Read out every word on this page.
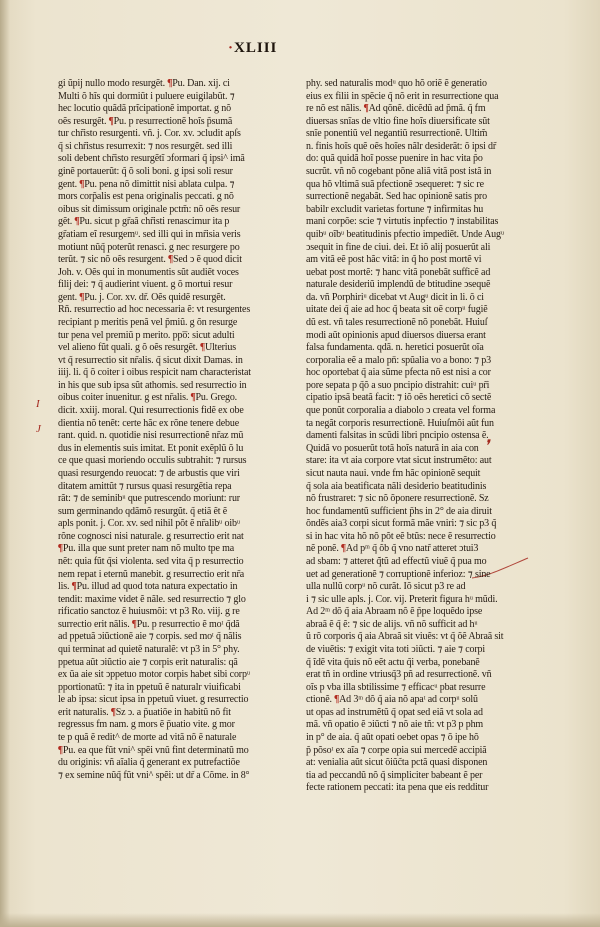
·XLIII
I
J
❜
gi ũpij nullo modo resurgẽt. ¶Pu. Dan. xij. ci
Multi õ hĩs qui dormiũt i puluere euigilabũt. ⁊
hec locutio quãdã prĩcipationẽ importat. g nõ
oẽs resurgẽt. ¶Pu. p resurrectionẽ hoĩs p̃sumã
tur chr̃isto resurgenti. vñ. j. Cor. xv. ↄcludit apſs
q̃ si chr̃istus resurrexit: ⁊ nos resurgẽt. sed illi
soli debent chr̃isto resurgẽtĩ ↄformari q̃ ipsi^ imã
ginẽ portauerũt: q̃ õ soli boni. g ipsi soli resur
gent. ¶Pu. pena nõ dimittit nisi ablata culpa. ⁊
mors corp̃alis est pena originalis peccati. g nõ
oibus sit dimissum originale pctm̃: nõ oẽs resur
gẽt. ¶Pu. sicut p gr̃aã chr̃isti renascimur ita p
gr̃atiam eĩ resurgemᵘ. sed illi qui in mr̃isia veris
motiunt nũq̃ poterũt renasci. g nec resurgere po
terũt. ⁊ sic nõ oẽs resurgent. ¶Sed ↄ ẽ quod dicit
Joh. v. Oẽs qui in monumentis sũt audiẽt voces
filij dei: ⁊ q̃ audierint viuent. g õ mortui resur
gent. ¶Pu. j. Cor. xv. dr̃. Oẽs quidẽ resurgẽt.
Rñ. resurrectio ad hoc necessaria ẽ: vt resurgentes
recipiant p meritis penã vel p̃miũ. g õn resurge
tur pena vel premiũ p merito. ppo̅: sicut adulti
vel alieno fũt quali. g õ oẽs resurgẽt. ¶Ulterius
vt q̃ resurrectio sit nr̃alis. q̃ sicut dixit Damas. in
iiij. li. q̃ õ coiter i oibus respicit nam characteristat
in his que sub ipsa sũt athomis. sed resurrectio in
oibus coiter inuenitur. g est nr̃alis. ¶Pu. Grego.
dicit. xxiij. moral. Qui resurrectionis fidẽ ex obe
dientia nõ tenẽt: certe hãc ex rõne tenere debue
rant. quid. n. quotidie nisi resurrectionẽ nr̃az mũ
dus in elementis suis imitat. Et ponit exẽplũ õ lu
ce que quasi moriendo occulis subtrahit: ⁊ rursus
quasi resurgendo reuocat: ⁊ de arbustis que viri
ditatem amittũt ⁊ rursus quasi resurgẽtia repa
rãt: ⁊ de seminibᵘ que putrescendo moriunt: rur
sum germinando qdãmõ resurgũt. q̃ etiã ẽt ẽ
apls ponit. j. Cor. xv. sed nihil põt ẽ nr̃alibᵘ oibᵘ
rõne cognosci nisi naturale. g resurrectio erit nat
¶Pu. illa que sunt preter nam nõ multo tpe ma
nẽt: quia fũt q̃si violenta. sed vita q̃ p resurrectio
nem repat i eternũ manebit. g resurrectio erit nr̃a
lis. ¶Pu. illud ad quod tota natura expectatio in
tendit: maxime videt ẽ nãle. sed resurrectio ⁊ glo
rificatio sanctoz ẽ huiusmõi: vt p3 Ro. viij. g re
surrectio erit nãlis. ¶Pu. p resurrectio ẽ moᵗ q̃dã
ad ppetuã ↄiũctionẽ aie ⁊ corpis. sed moᵗ q̃ nãlis
qui terminat ad quietẽ naturalẽ: vt p3 in 5° phy.
ppetua aũt ↄiũctio aie ⁊ corpis erit naturalis: qã
ex ũa aie sit ↄppetuo motor corpis habet sibi corpᵘ
pportionatũ: ⁊ ita in ppetuũ ẽ naturalr viuificabi
le ab ipsa: sicut ipsa in ppetuũ viuet. g resurrectio
erit naturalis. ¶Sz ↄ. a p̃uatiõe in habitũ nõ fit
regressus fm nam. g mors ẽ p̃uatio vite. g mor
te p quã ẽ redit^ de morte ad vitã nõ ẽ naturale
¶Pu. ea que fũt vni^ spẽi vnũ fint determinatũ mo
du originis: vñ aĩalia q̃ generant ex putrefactiõe
⁊ ex semine nũq̃ fũt vni^ spẽi: ut dr̃ a Cõme. in 8°
phy. sed naturalis modᵘ quo hõ oriẽ ẽ generatio
eius ex filii in spẽcie q̃ nõ erit in resurrectione qua
re nõ est nãlis. ¶Ad qõnẽ. dicẽdũ ad p̃mã. q̃ fm
diuersas snĩas de vltio fine hoĩs diuersificate sũt
snĩe ponentiũ vel negantiũ resurrectionẽ. Ultim̃
n. finis hoĩs quẽ oẽs hoĩes nãlr desiderãt: õ ipsi dr̃
do: quã quidã hoĩ posse puenire in hac vita p̃o
sucrũt. vñ nõ cogebant põne aliã vitã post istã in
qua hõ vltimã suã pfectionẽ ↄsequeret: ⁊ sic re
surrectionẽ negabãt. Sed hac opinionẽ satis pro
babilr excludit varietas fortune ⁊ infirmitas hu
mani corpõe: scie ⁊ virtutis inpfectio ⁊ instabilitas
quibᵘ oĩbᵘ beatitudinis pfectio impediẽt. Unde Augᵘ
ↄsequit in fine de ciui. dei. Et iõ alij posuerũt ali
am vitã eẽ post hãc vitã: in q̃ h̃o post mortẽ vi
uebat post mortẽ: ⁊ hanc vitã ponebãt sufficẽ ad
naturale desideriũ implendũ de btitudine ↄsequẽ
da. vñ Porphiriᵘ dicebat vt Augᵘ dicit in li. õ ci
uitate dei q̃ aie ad hoc q̃ beata sit oẽ corpᵘ fugiẽ
dũ est. vñ tales resurrectionẽ nõ ponebãt. Huiuſ
modi aũt opinionis apud diuersos diuersa erant
falsa fundamenta. qdã. n. heretici posuerũt oĩa
corporalia eẽ a malo pn̄: spũalia vo a bono: ⁊ p3
hoc oportebat q̃ aia sũme pfecta nõ est nisi a cor
pore sepata p q̃õ a suo pncipio distrahit: cuiᵘ pr̃i
cipatio ipsã beatã facit: ⁊ iõ oẽs heretici cõ sectẽ
que ponũt corporalia a diabolo ↄ creata vel forma
ta negãt corporis resurrectionẽ. Huiuſmõi aũt fun
damenti falsitas in scũdi libri pncipio ostensa ẽ.
Quidã vo posuerũt totã hoĩs naturã in aia con
stare: ita vt aia corpore vtat sicut instrumẽto: aut
sicut nauta naui. vnde fm hãc opinionẽ sequit
q̃ sola aia beatificata nãli desiderio beatitudinis
nõ frustraret: ⁊ sic nõ õponere resurrectionẽ. Sz
hoc fundamentũ sufficient p̃hs in 2° de aia diruit
õndẽs aia3 corpi sicut formã mãe vniri: ⁊ sic p3 q̃
si in hac vita hõ nõ põt eẽ btũs: nece ẽ resurrectio
nẽ ponẽ. ¶Ad pᵐ q̃ õb q̃ vno natr̃ atteret ↄtui3
ad sbam: ⁊ atteret q̃̃tũ ad effectũ viuẽ q̃ pua mo
uet ad generationẽ ⁊ corruptionẽ inferioz: ⁊ sine
ulla nullũ corpᵘ nõ curãt. Iõ sicut p3 re ad
i ⁊ sic ulle apls. j. Cor. vij. Preterit figura hᵘ mũdi.
Ad 2ᵐ dõ q̃ aia Abraam nõ ẽ p̃pe loquẽdo ipse
abraã ẽ q̃ ẽ: ⁊ sic de alijs. vñ nõ sufficit ad hᵘ
ũ rõ corporis q̃ aia Abraã sit viuẽs: vt q̃ õẽ Abraã sit
de viuẽtis: ⁊ exigit vita toti ↄiũcti. ⁊ aie ⁊ corpi
q̃ ĩdẽ vita q̃uis nõ eẽt actu q̃i verba, ponebanẽ
erat tñ in ordine vtriusq̃3 pñ ad resurrectionẽ. vñ
oĩs p vba illa sbtilissime ⁊ efficacᵘ pbat resurre
ctionẽ. ¶Ad 3ᵐ dõ q̃ aia nõ apaᵗ ad corpᵘ solũ
ut opas ad instrumẽtũ q̃ opat sed eiã vt sola ad
mã. vñ opatio ẽ ↄiũcti ⁊ nõ aie tñ: vt p3 p phm
in p° de aia. q̃ aũt opati oebet opas ⁊ õ ipe hõ
p̃ põsoᵗ ex aĩa ⁊ corpe opia sui mercedẽ accipiã
at: venialia aũt sicut õiũc̃ta pctã quasi disponen
tia ad peccandũ nõ q̃ simpliciter babeant ẽ per
fecte rationem peccati: ita pena que eis redditur
